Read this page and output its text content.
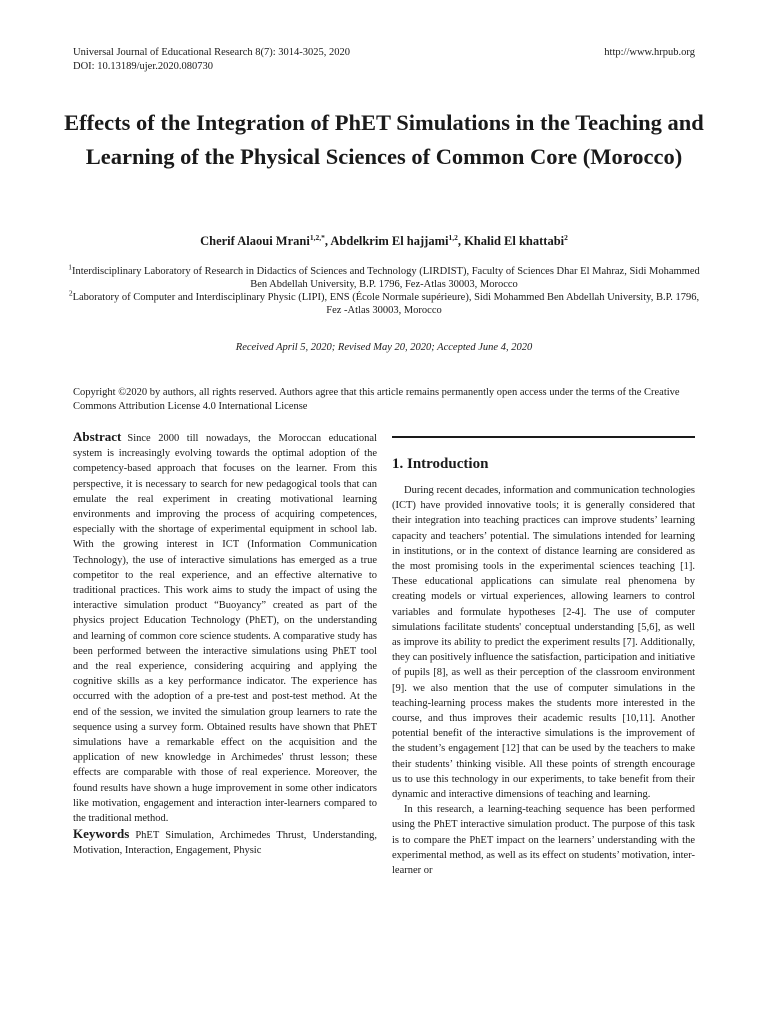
Universal Journal of Educational Research 8(7): 3014-3025, 2020
DOI: 10.13189/ujer.2020.080730
http://www.hrpub.org
Effects of the Integration of PhET Simulations in the Teaching and Learning of the Physical Sciences of Common Core (Morocco)
Cherif Alaoui Mrani$^{1,2,*}$, Abdelkrim El hajjami$^{1,2}$, Khalid El khattabi$^2$
$^1$Interdisciplinary Laboratory of Research in Didactics of Sciences and Technology (LIRDIST), Faculty of Sciences Dhar El Mahraz, Sidi Mohammed Ben Abdellah University, B.P. 1796, Fez-Atlas 30003, Morocco
$^2$Laboratory of Computer and Interdisciplinary Physic (LIPI), ENS (École Normale supérieure), Sidi Mohammed Ben Abdellah University, B.P. 1796, Fez -Atlas 30003, Morocco
Received April 5, 2020; Revised May 20, 2020; Accepted June 4, 2020
Copyright ©2020 by authors, all rights reserved. Authors agree that this article remains permanently open access under the terms of the Creative Commons Attribution License 4.0 International License
Abstract Since 2000 till nowadays, the Moroccan educational system is increasingly evolving towards the optimal adoption of the competency-based approach that focuses on the learner. From this perspective, it is necessary to search for new pedagogical tools that can emulate the real experiment in creating motivational learning environments and improving the process of acquiring competences, especially with the shortage of experimental equipment in school lab. With the growing interest in ICT (Information Communication Technology), the use of interactive simulations has emerged as a true competitor to the real experience, and an effective alternative to traditional practices. This work aims to study the impact of using the interactive simulation product “Buoyancy” created as part of the physics project Education Technology (PhET), on the understanding and learning of common core science students. A comparative study has been performed between the interactive simulations using PhET tool and the real experience, considering acquiring and applying the cognitive skills as a key performance indicator. The experience has occurred with the adoption of a pre-test and post-test method. At the end of the session, we invited the simulation group learners to rate the sequence using a survey form. Obtained results have shown that PhET simulations have a remarkable effect on the acquisition and the application of new knowledge in Archimedes' thrust lesson; these effects are comparable with those of real experience. Moreover, the found results have shown a huge improvement in some other indicators like motivation, engagement and interaction inter-learners compared to the traditional method.
Keywords PhET Simulation, Archimedes Thrust, Understanding, Motivation, Interaction, Engagement, Physic
1. Introduction

During recent decades, information and communication technologies (ICT) have provided innovative tools; it is generally considered that their integration into teaching practices can improve students’ learning capacity and teachers’ potential. The simulations intended for learning in institutions, or in the context of distance learning are considered as the most promising tools in the experimental sciences teaching [1]. These educational applications can simulate real phenomena by creating models or virtual experiences, allowing learners to control variables and formulate hypotheses [2-4]. The use of computer simulations facilitate students' conceptual understanding [5,6], as well as improve its ability to predict the experiment results [7]. Additionally, they can positively influence the satisfaction, participation and initiative of pupils [8], as well as their perception of the classroom environment [9]. we also mention that the use of computer simulations in the teaching-learning process makes the students more interested in the course, and thus improves their academic results [10,11]. Another potential benefit of the interactive simulations is the improvement of the student’s engagement [12] that can be used by the teachers to make their students’ thinking visible. All these points of strength encourage us to use this technology in our experiments, to take benefit from their dynamic and interactive dimensions of teaching and learning.

In this research, a learning-teaching sequence has been performed using the PhET interactive simulation product. The purpose of this task is to compare the PhET impact on the learners’ understanding with the experimental method, as well as its effect on students’ motivation, inter-learner or
